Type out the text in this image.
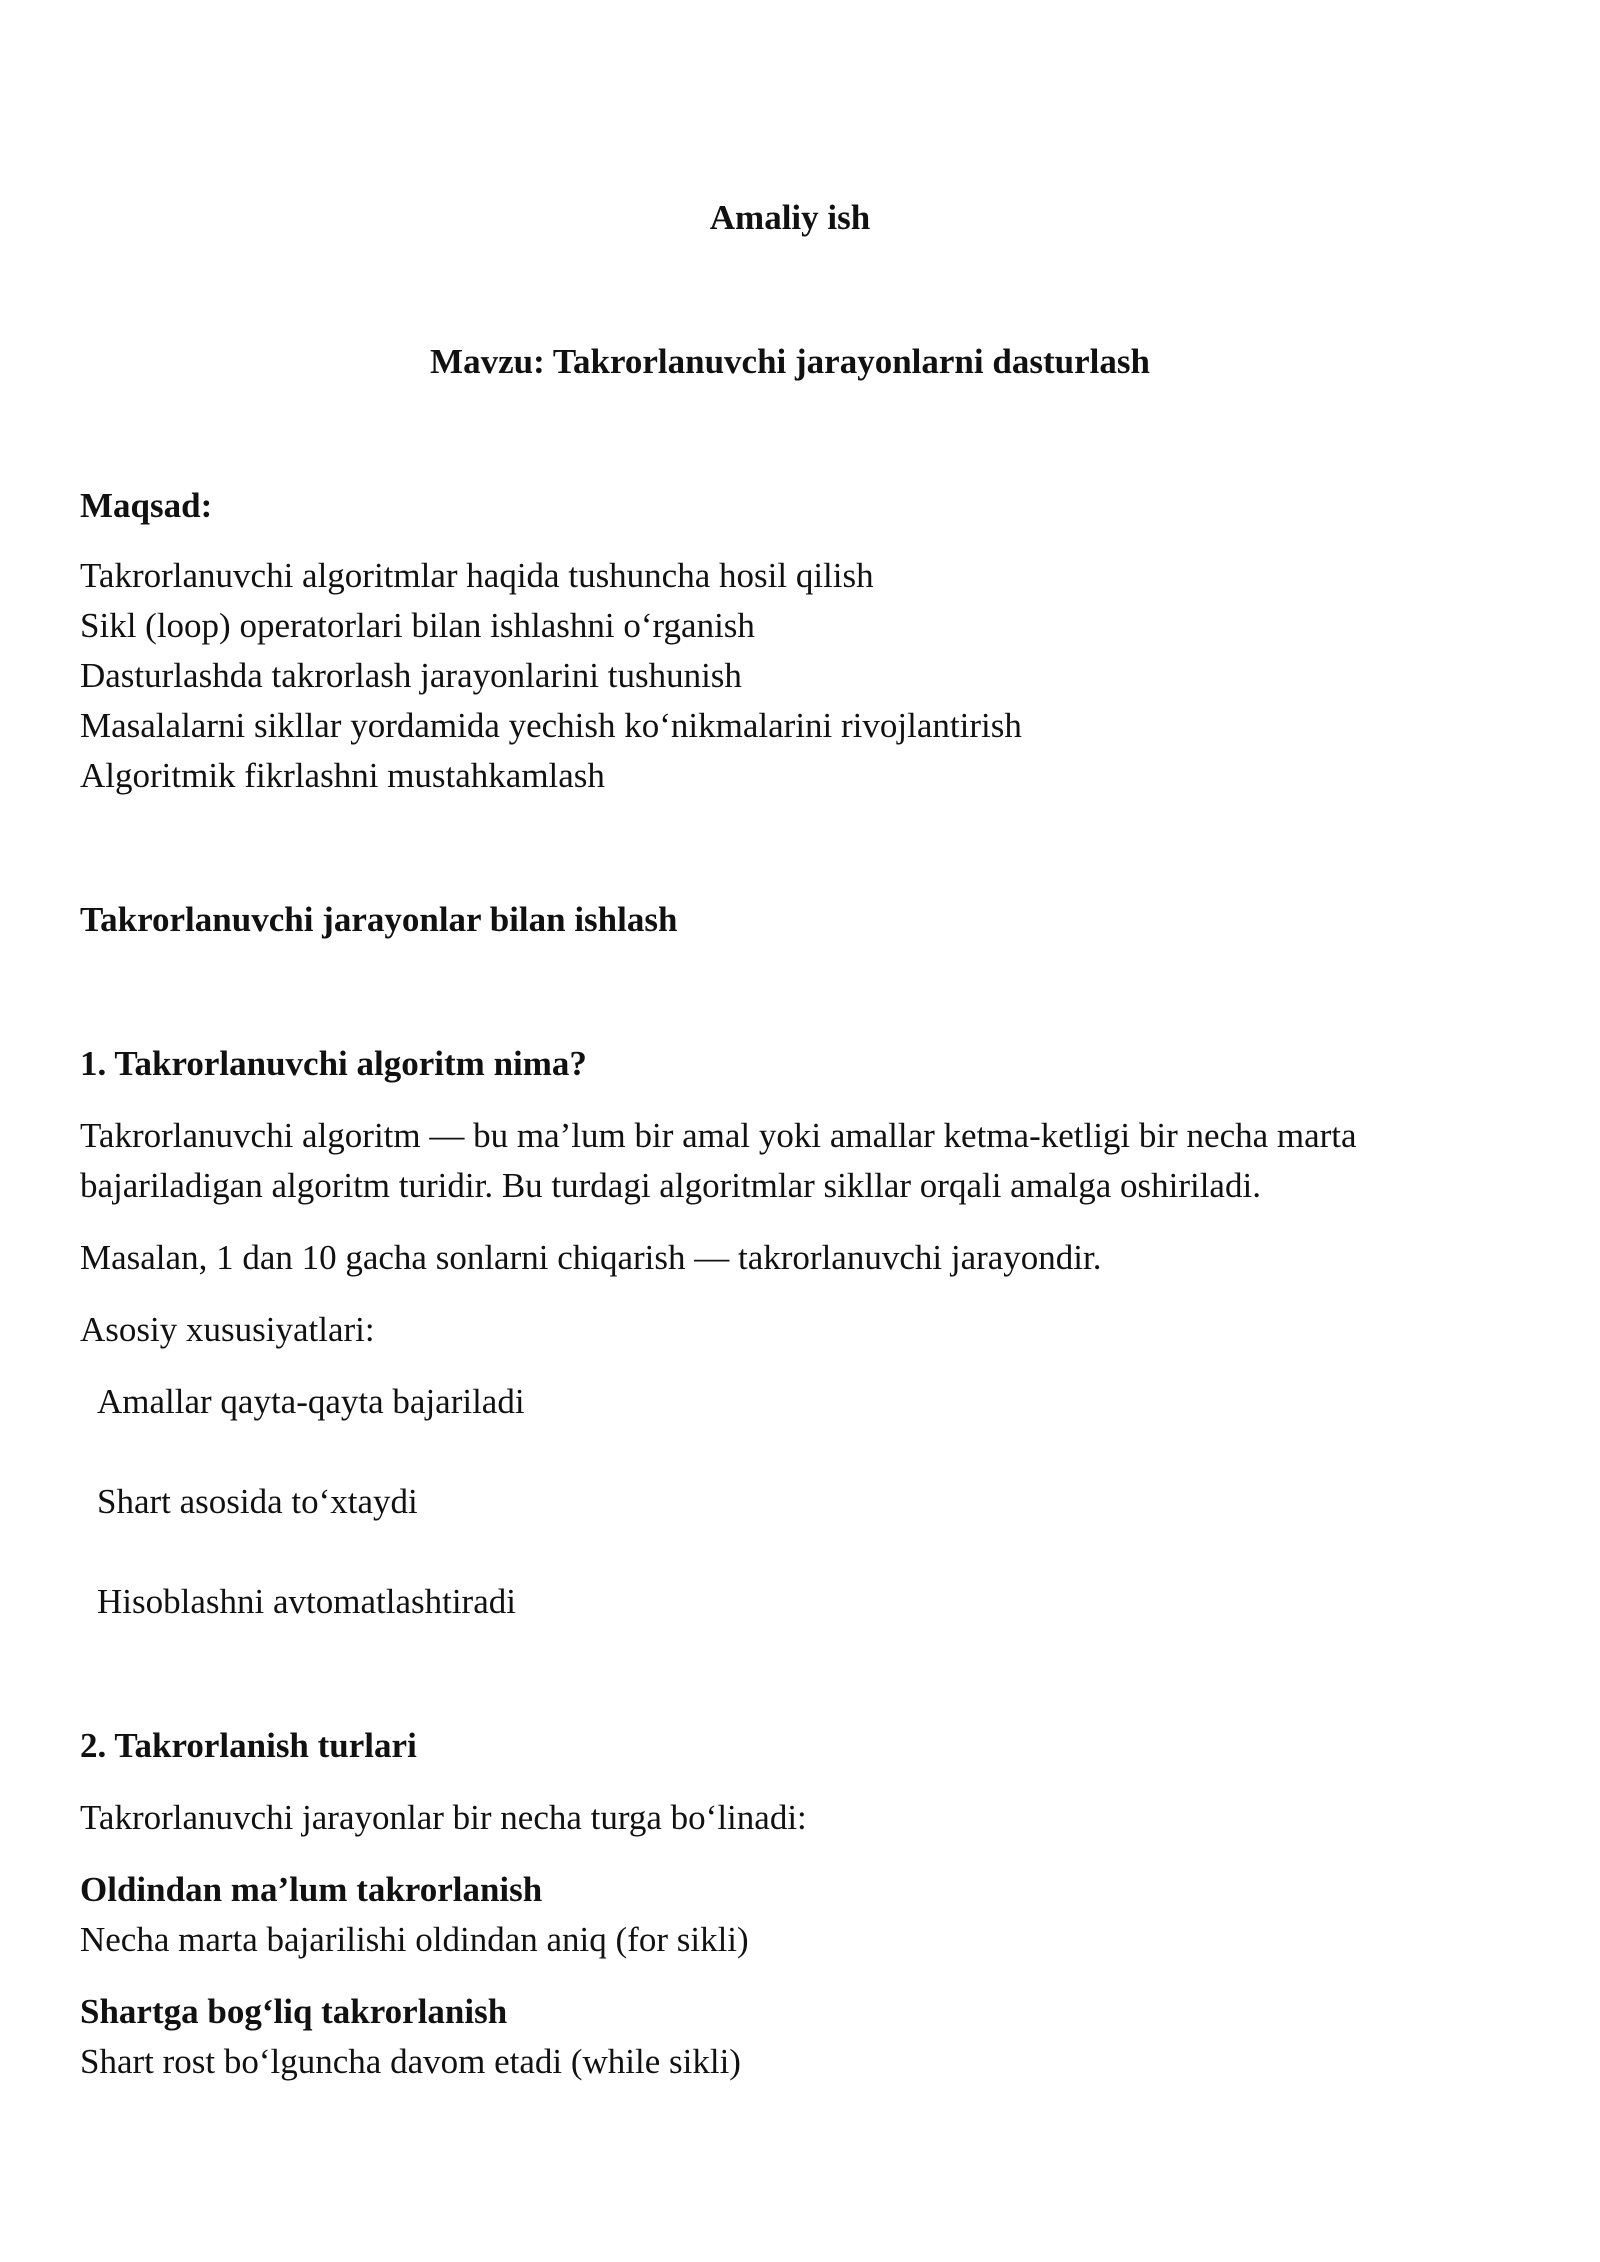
Amaliy ish

Mavzu: Takrorlanuvchi jarayonlarni dasturlash

Maqsad:

Takrorlanuvchi algoritmlar haqida tushuncha hosil qilish

Sikl (loop) operatorlari bilan ishlashni o‘rganish

Dasturlashda takrorlash jarayonlarini tushunish

Masalalarni sikllar yordamida yechish ko‘nikmalarini rivojlantirish

Algoritmik fikrlashni mustahkamlash

Takrorlanuvchi jarayonlar bilan ishlash

1. Takrorlanuvchi algoritm nima?

Takrorlanuvchi algoritm — bu ma’lum bir amal yoki amallar ketma-ketligi bir necha marta

bajariladigan algoritm turidir. Bu turdagi algoritmlar sikllar orqali amalga oshiriladi.

Masalan, 1 dan 10 gacha sonlarni chiqarish — takrorlanuvchi jarayondir.

Asosiy xususiyatlari:

Amallar qayta-qayta bajariladi

Shart asosida to‘xtaydi

Hisoblashni avtomatlashtiradi

2. Takrorlanish turlari

Takrorlanuvchi jarayonlar bir necha turga bo‘linadi:

Oldindan ma’lum takrorlanish

Necha marta bajarilishi oldindan aniq (for sikli)

Shartga bog‘liq takrorlanish

Shart rost bo‘lguncha davom etadi (while sikli)
